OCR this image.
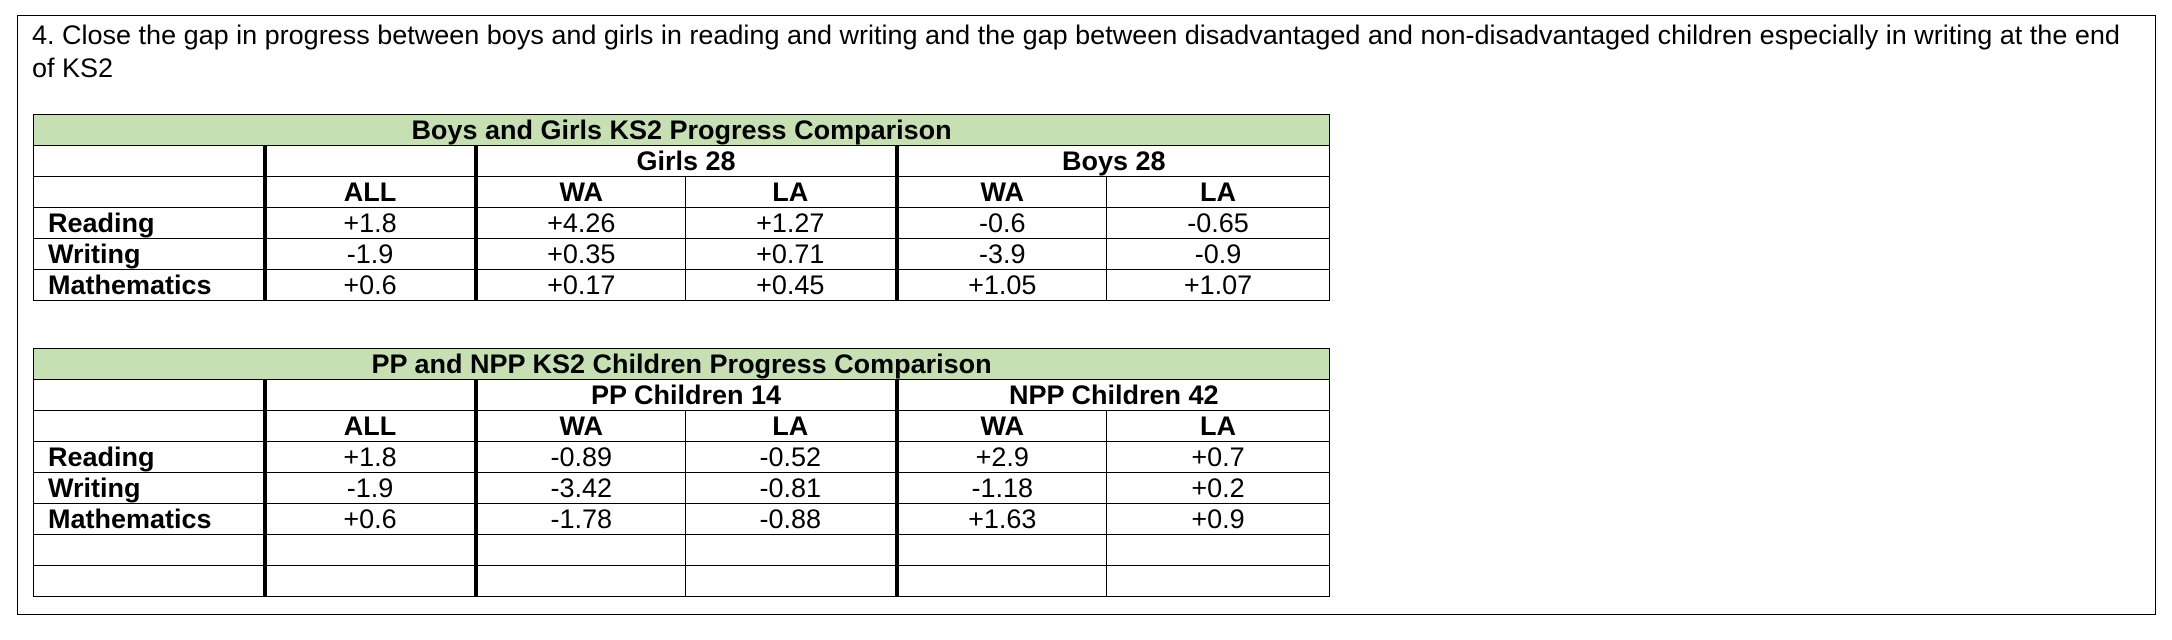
4. Close the gap in progress between boys and girls in reading and writing and the gap between disadvantaged and non-disadvantaged children especially in writing at the end of KS2

Boys and Girls KS2 Progress Comparison					
		Girls 28		Boys 28	
	ALL	WA	LA	WA	LA
Reading	+1.8	+4.26	+1.27	-0.6	-0.65
Writing	-1.9	+0.35	+0.71	-3.9	-0.9
Mathematics	+0.6	+0.17	+0.45	+1.05	+1.07
PP and NPP KS2 Children Progress Comparison					
		PP Children 14		NPP Children 42	
	ALL	WA	LA	WA	LA
Reading	+1.8	-0.89	-0.52	+2.9	+0.7
Writing	-1.9	-3.42	-0.81	-1.18	+0.2
Mathematics	+0.6	-1.78	-0.88	+1.63	+0.9
